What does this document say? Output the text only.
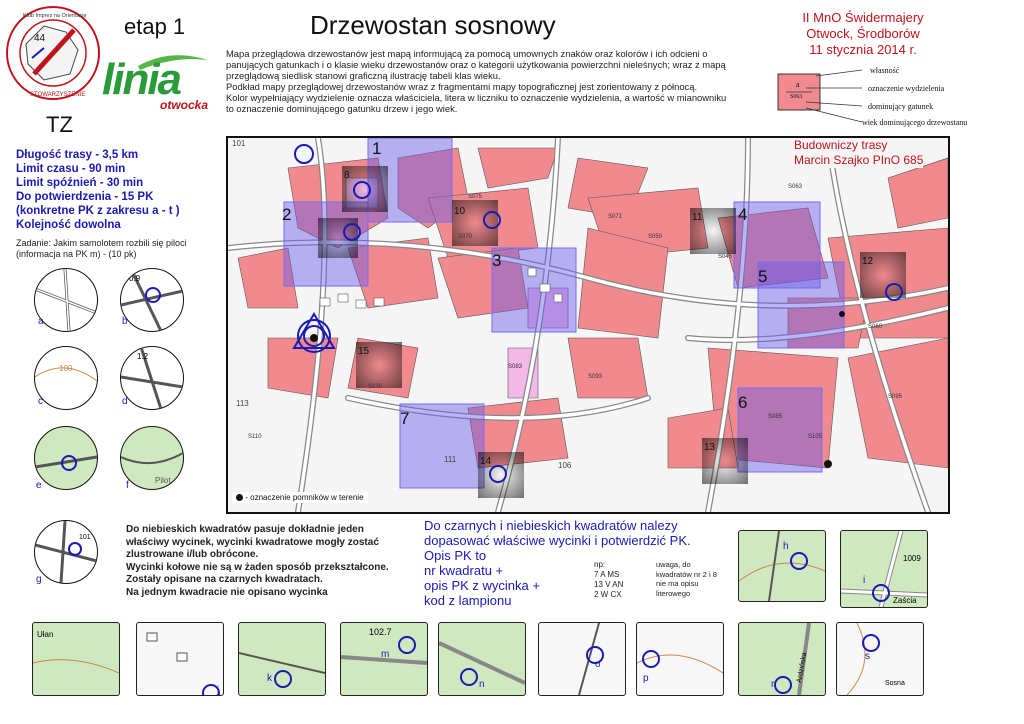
44
Klub Imprez na Orientację
STOWARZYSZENIE
etap 1
linia
otwocka
TZ
Drzewostan sosnowy
Mapa przeglądowa drzewostanów jest mapą informującą za pomocą umownych znaków oraz kolorów i ich odcieni o
panujących gatunkach i o klasie wieku drzewostanów oraz o kategorii użytkowania powierzchni nieleśnych; wraz z mapą
przeglądową siedlisk stanowi graficzną ilustrację tabeli klas wieku.
Podkład mapy przeglądowej drzewostanów wraz z fragmentami mapy topograficznej jest zorientowany z północą.
Kolor wypełniający wydzielenie oznacza właściciela, litera w liczniku to oznaczenie wydzielenia, a wartość w mianowniku
to oznaczenie dominującego gatunku drzew i jego wiek.
II MnO Świdermajery
Otwock, Środborów
11 stycznia 2014 r.
a
S063
własność
oznaczenie wydzielenia
dominujący gatunek
wiek dominującego drzewostanu
Długość trasy - 3,5 km
Limit czasu - 90 min
Limit spóźnień - 30 min
Do potwierdzenia - 15 PK
(konkretne PK z zakresu a - t )
Kolejność dowolna
Zadanie: Jakim samolotem rozbili się piloci
(informacja na PK m) - (10 pk)
S063
S070	S050
S060
S085
S083
S130
S045
S071
S110
S095
S105
S093
S075
101
113
106
111
1
2
3
4
5
6
7
8
10
11
12
13
14
15
Budowniczy trasy
Marcin Szajko PInO 685
- oznaczenie pomników w terenie
a
0.9
b
100
c
1.2
d
e	Pilot
f
101
g
Do niebieskich kwadratów pasuje dokładnie jeden
właściwy wycinek, wycinki kwadratowe mogły zostać
zlustrowane i/lub obrócone.
Wycinki kołowe nie są w żaden sposób przekształcone.
Zostały opisane na czarnych kwadratach.
Na jednym kwadracie nie opisano wycinka
Do czarnych i niebieskich kwadratów nalezy
dopasować właściwe wycinki i potwierdzić PK.
Opis PK to
nr kwadratu +
opis PK z wycinka +
kod z lampionu
np:
7 A MS
13 V AN
2 W CX
uwaga, do
kwadratów nr 2 i 8
nie ma opisu
literowego
h
i
1009
Zaścia
Ułan
j
k
m
102.7
n
o
p
r
Ardzińska	s
Sosna
